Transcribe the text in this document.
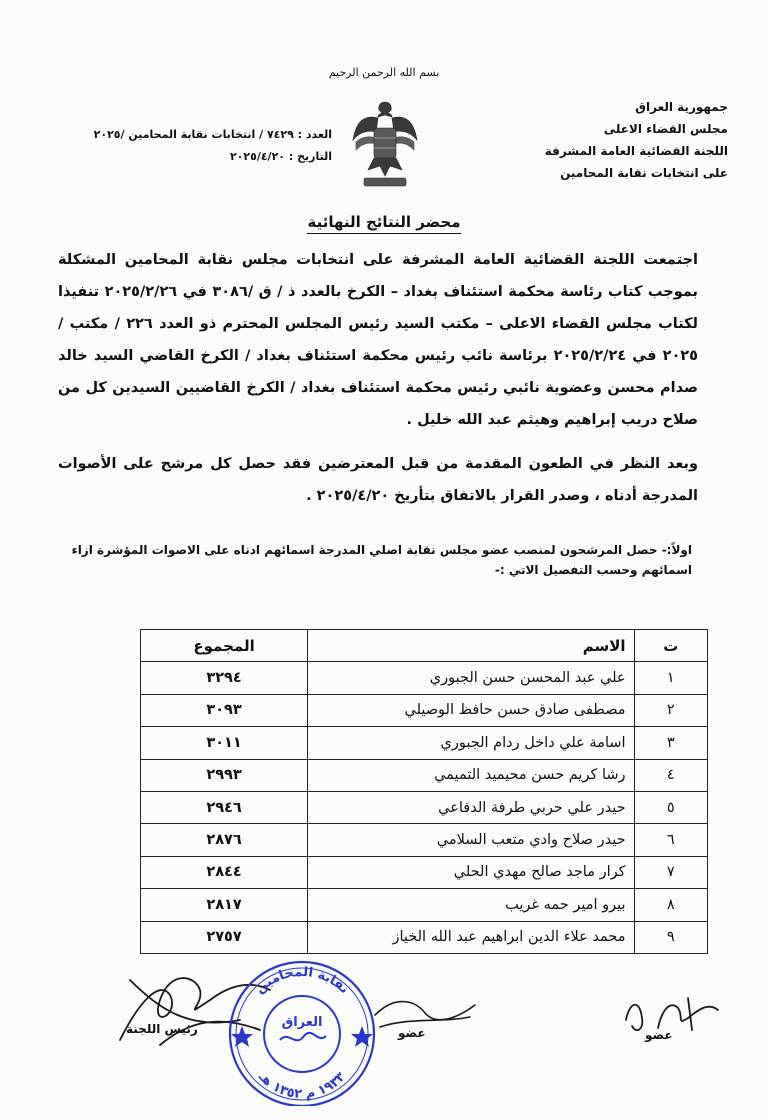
بسم الله الرحمن الرحيم
جمهورية العراق
مجلس القضاء الاعلى
اللجنة القضائية العامة المشرفة
على انتخابات نقابة المحامين
العدد : ٧٤٢٩ / انتخابات نقابة المحامين /٢٠٢٥
التاريخ : ٢٠٢٥/٤/٢٠
محضر النتائج النهائية
اجتمعت اللجنة القضائية العامة المشرفة على انتخابات مجلس نقابة المحامين المشكلة بموجب كتاب رئاسة محكمة استئناف بغداد – الكرخ بالعدد ذ / ق /٣٠٨٦ في ٢٠٢٥/٢/٢٦ تنفيذا لكتاب مجلس القضاء الاعلى – مكتب السيد رئيس المجلس المحترم ذو العدد ٢٢٦ / مكتب /٢٠٢٥ في ٢٠٢٥/٢/٢٤ برئاسة نائب رئيس محكمة استئناف بغداد / الكرخ القاضي السيد خالد صدام محسن وعضوية نائبي رئيس محكمة استئناف بغداد / الكرخ القاضيين السيدين كل من صلاح دريب إبراهيم وهيثم عبد الله خليل .
وبعد النظر في الطعون المقدمة من قبل المعترضين فقد حصل كل مرشح على الأصوات المدرجة أدناه ، وصدر القرار بالاتفاق بتأريخ ٢٠٢٥/٤/٢٠ .
اولاً:- حصل المرشحون لمنصب عضو مجلس نقابة اصلي المدرجة اسمائهم ادناه على الاصوات المؤشرة ازاء اسمائهم وحسب التفصيل الاتي :-
ت	الاسم	المجموع
١	علي عبد المحسن حسن الجبوري	٣٢٩٤
٢	مصطفى صادق حسن حافظ الوصيلي	٣٠٩٣
٣	اسامة علي داخل ردام الجبوري	٣٠١١
٤	رشا كريم حسن محيميد التميمي	٢٩٩٣
٥	حيدر علي حربي طرفة الدفاعي	٢٩٤٦
٦	حيدر صلاح وادي متعب السلامي	٢٨٧٦
٧	كرار ماجد صالح مهدي الحلي	٢٨٤٤
٨	بيرو امير حمه غريب	٢٨١٧
٩	محمد علاء الدين ابراهيم عبد الله الخياز	٢٧٥٧
عضو
عضو
رئيس اللجنة
نقابة المحامين
العراق
١٩٣٣ م ١٣٥٢ هـ
